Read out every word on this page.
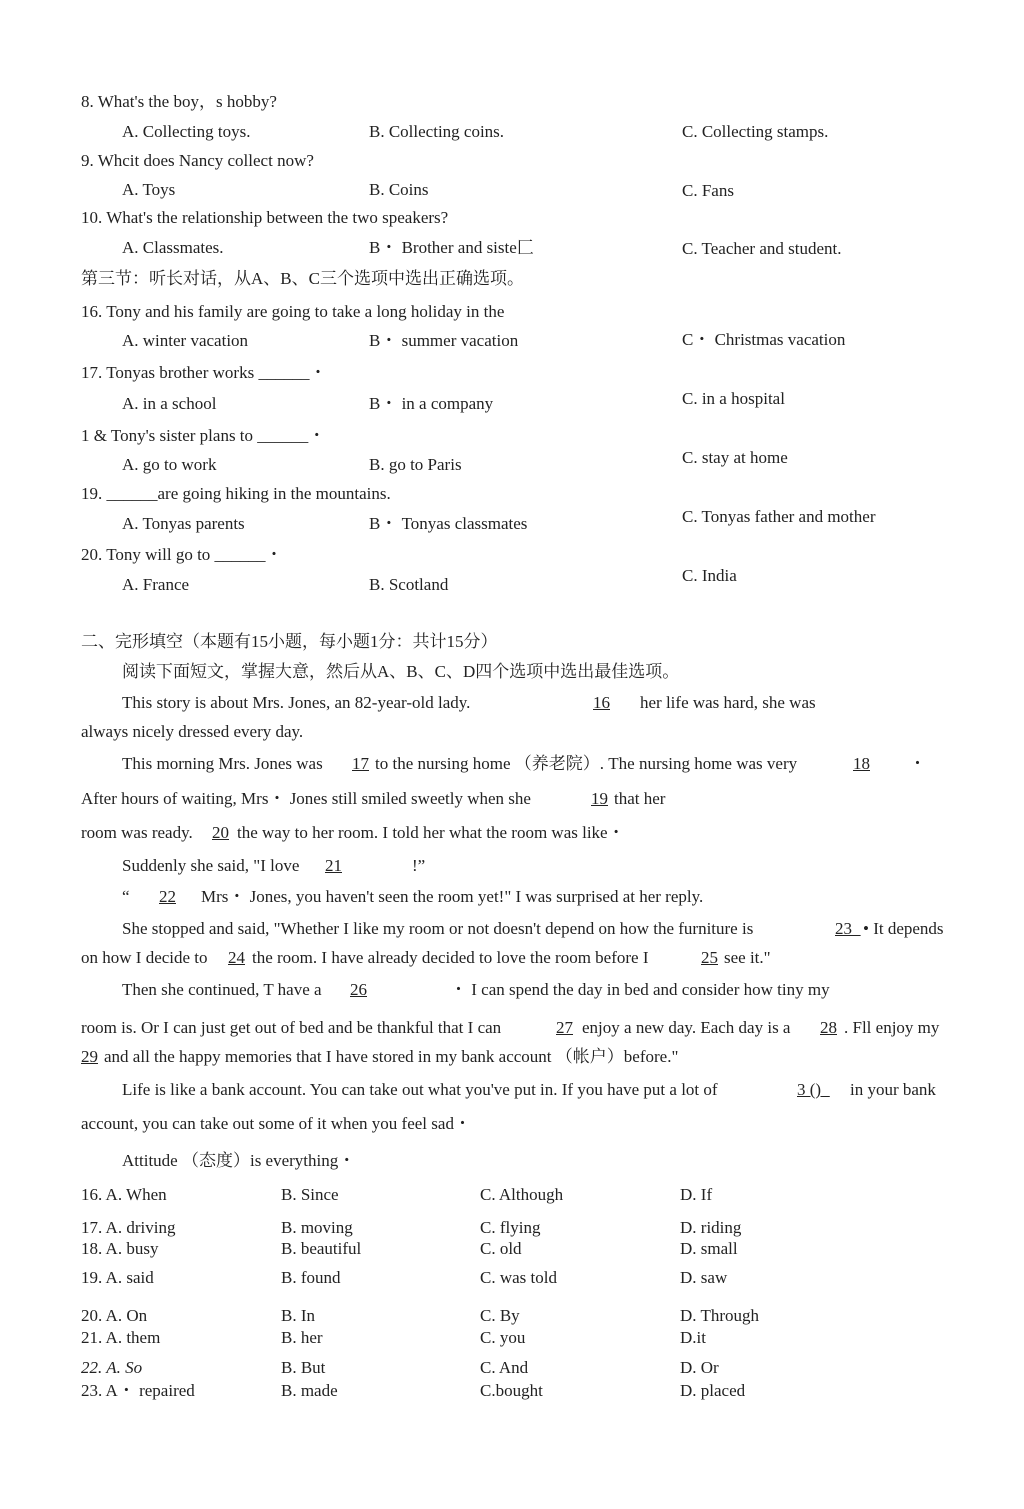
8. What's the boy，s hobby?
A. Collecting toys.	B. Collecting coins.	C. Collecting stamps.
9. Whcit does Nancy collect now?
A. Toys	B. Coins	C. Fans
10. What's the relationship between the two speakers?
A. Classmates.	B・ Brother and siste匚	C. Teacher and student.
第三节：听长对话，从A、B、C三个选项中选出正确选项。
16. Tony and his family are going to take a long holiday in the
A. winter vacation	B・ summer vacation	C・ Christmas vacation
17. Tonyas brother works ______・
A. in a school	B・ in a company	C. in a hospital
1 & Tony's sister plans to ______・
A. go to work	B. go to Paris	C. stay at home
19. ______are going hiking in the mountains.
A. Tonyas parents	B・ Tonyas classmates	C. Tonyas father and mother
20. Tony will go to ______・
A. France	B. Scotland	C. India
二、完形填空（本题有15小题，每小题1分：共计15分）
阅读下面短文，掌握大意，然后从A、B、C、D四个选项中选出最佳选项。
This story is about Mrs. Jones, an 82-year-old lady.	16 her life was hard, she was
always nicely dressed every day.
This morning Mrs. Jones was 17 to the nursing home （养老院）. The nursing home was very	18 ・
After hours of waiting, Mrs・ Jones still smiled sweetly when she	19 that her
room was ready. 20 the way to her room. I told her what the room was like・
Suddenly she said, "I love 21	!”
“ 22 Mrs・ Jones, you haven't seen the room yet!" I was surprised at her reply.
She stopped and said, "Whether I like my room or not doesn't depend on how the furniture is	23_ • It depends
on how I decide to 24 the room. I have already decided to love the room before I	25 see it."
Then she continued, T have a 26	・ I can spend the day in bed and consider how tiny my
room is. Or I can just get out of bed and be thankful that I can	27 enjoy a new day. Each day is a 28 . Fll enjoy my
29 and all the happy memories that I have stored in my bank account （帐户）before."
Life is like a bank account. You can take out what you've put in. If you have put a lot of	3 ()_ in your bank
account, you can take out some of it when you feel sad・
Attitude （态度）is everything・
16. A. When	B. Since	C. Although	D. If
17. A. driving	B. moving	C. flying	D. riding
18. A. busy	B. beautiful	C. old	D. small
19. A. said	B. found	C. was told	D. saw
20. A. On	B. In	C. By	D. Through
21. A. them	B. her	C. you	D.it
22. A. So	B. But	C. And	D. Or
23. A・ repaired	B. made	C.bought	D. placed
